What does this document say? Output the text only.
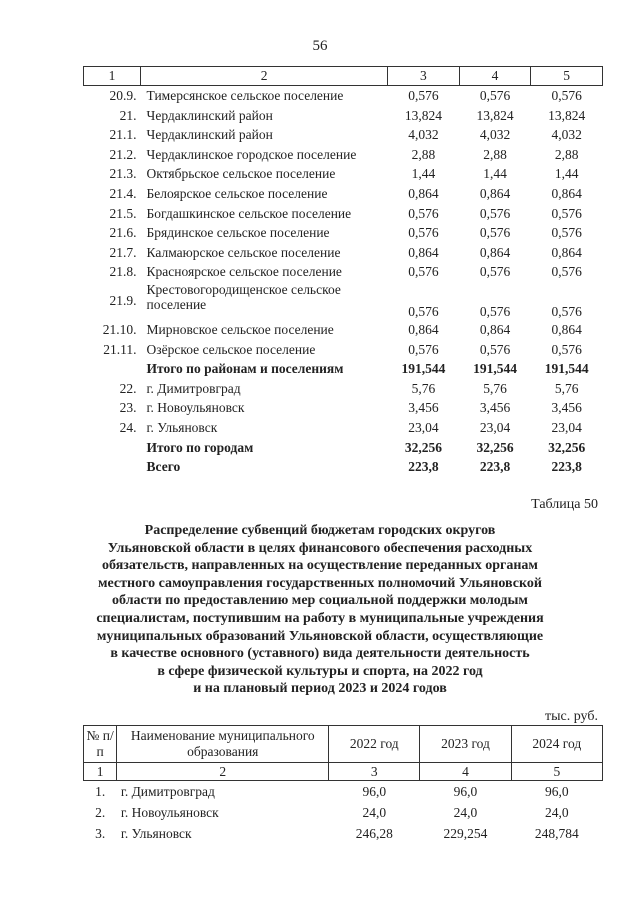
56
1	2	3	4	5
20.9.	Тимерсянское сельское поселение	0,576	0,576	0,576
21.	Чердаклинский район	13,824	13,824	13,824
21.1.	Чердаклинский район	4,032	4,032	4,032
21.2.	Чердаклинское городское поселение	2,88	2,88	2,88
21.3.	Октябрьское сельское поселение	1,44	1,44	1,44
21.4.	Белоярское сельское поселение	0,864	0,864	0,864
21.5.	Богдашкинское сельское поселение	0,576	0,576	0,576
21.6.	Брядинское сельское поселение	0,576	0,576	0,576
21.7.	Калмаюрское сельское поселение	0,864	0,864	0,864
21.8.	Красноярское сельское поселение	0,576	0,576	0,576
21.9.	Крестовогородищенское сельское поселение	0,576	0,576	0,576
21.10.	Мирновское сельское поселение	0,864	0,864	0,864
21.11.	Озёрское сельское поселение	0,576	0,576	0,576
	Итого по районам и поселениям	191,544	191,544	191,544
22.	г. Димитровград	5,76	5,76	5,76
23.	г. Новоульяновск	3,456	3,456	3,456
24.	г. Ульяновск	23,04	23,04	23,04
	Итого по городам	32,256	32,256	32,256
	Всего	223,8	223,8	223,8
Таблица 50
Распределение субвенций бюджетам городских округов
Ульяновской области в целях финансового обеспечения расходных
обязательств, направленных на осуществление переданных органам
местного самоуправления государственных полномочий Ульяновской
области по предоставлению мер социальной поддержки молодым
специалистам, поступившим на работу в муниципальные учреждения
муниципальных образований Ульяновской области, осуществляющие
в качестве основного (уставного) вида деятельности деятельность
в сфере физической культуры и спорта, на 2022 год
и на плановый период 2023 и 2024 годов
тыс. руб.
№ п/п	Наименование муниципального образования	2022 год	2023 год	2024 год
1	2	3	4	5
1.	г. Димитровград	96,0	96,0	96,0
2.	г. Новоульяновск	24,0	24,0	24,0
3.	г. Ульяновск	246,28	229,254	248,784
